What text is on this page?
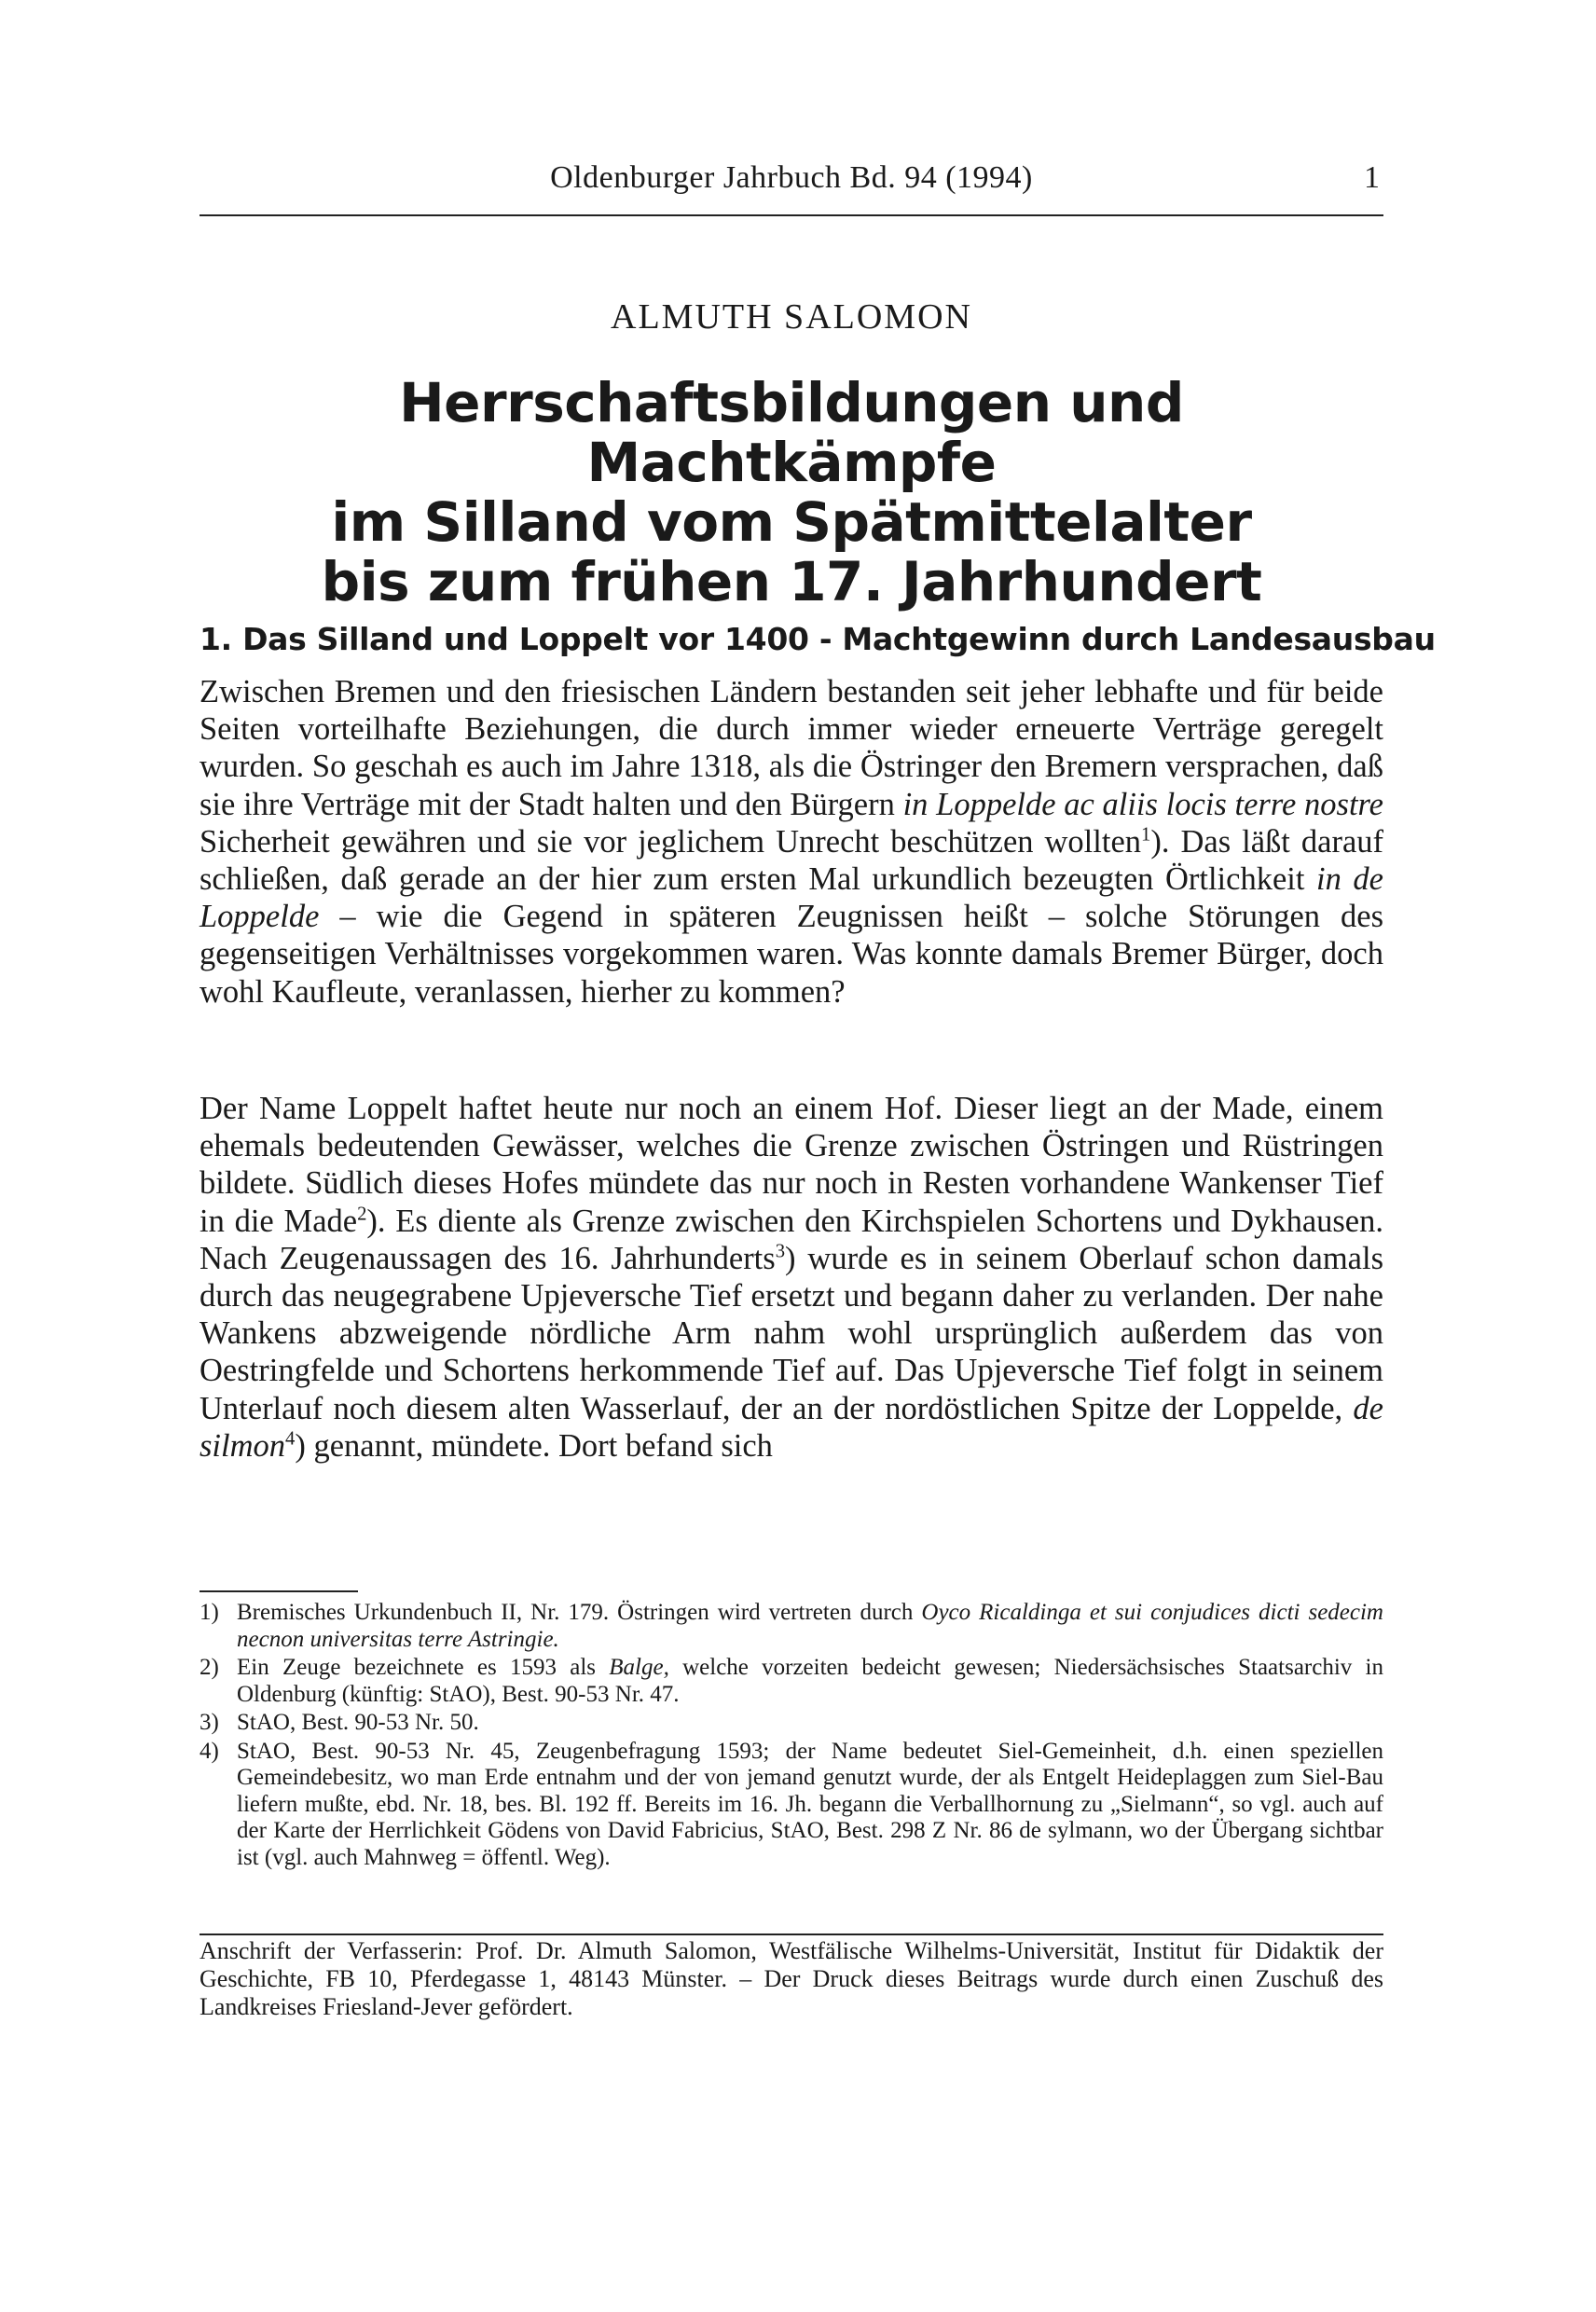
Oldenburger Jahrbuch Bd. 94 (1994)	1
ALMUTH SALOMON
Herrschaftsbildungen und Machtkämpfe
im Silland vom Spätmittelalter
bis zum frühen 17. Jahrhundert
1. Das Silland und Loppelt vor 1400 - Machtgewinn durch Landesausbau

Zwischen Bremen und den friesischen Ländern bestanden seit jeher lebhafte und für beide Seiten vorteilhafte Beziehungen, die durch immer wieder erneuerte Verträge geregelt wurden. So geschah es auch im Jahre 1318, als die Östringer den Bremern versprachen, daß sie ihre Verträge mit der Stadt halten und den Bürgern in Loppelde ac aliis locis terre nostre Sicherheit gewähren und sie vor jeglichem Unrecht beschützen wollten$^1$). Das läßt darauf schließen, daß gerade an der hier zum ersten Mal urkundlich bezeugten Örtlichkeit in de Loppelde – wie die Gegend in späteren Zeugnissen heißt – solche Störungen des gegenseitigen Verhältnisses vorgekommen waren. Was konnte damals Bremer Bürger, doch wohl Kaufleute, veranlassen, hierher zu kommen?

Der Name Loppelt haftet heute nur noch an einem Hof. Dieser liegt an der Made, einem ehemals bedeutenden Gewässer, welches die Grenze zwischen Östringen und Rüstringen bildete. Südlich dieses Hofes mündete das nur noch in Resten vorhandene Wankenser Tief in die Made$^2$). Es diente als Grenze zwischen den Kirchspielen Schortens und Dykhausen. Nach Zeugenaussagen des 16. Jahrhunderts$^3$) wurde es in seinem Oberlauf schon damals durch das neugegrabene Upjeversche Tief ersetzt und begann daher zu verlanden. Der nahe Wankens abzweigende nördliche Arm nahm wohl ursprünglich außerdem das von Oestringfelde und Schortens herkommende Tief auf. Das Upjeversche Tief folgt in seinem Unterlauf noch diesem alten Wasserlauf, der an der nordöstlichen Spitze der Loppelde, de silmon$^4$) genannt, mündete. Dort befand sich

1) Bremisches Urkundenbuch II, Nr. 179. Östringen wird vertreten durch Oyco Ricaldinga et sui conjudices dicti sedecim necnon universitas terre Astringie.
2) Ein Zeuge bezeichnete es 1593 als Balge, welche vorzeiten bedeicht gewesen; Niedersächsisches Staatsarchiv in Oldenburg (künftig: StAO), Best. 90-53 Nr. 47.
3) StAO, Best. 90-53 Nr. 50.
4) StAO, Best. 90-53 Nr. 45, Zeugenbefragung 1593; der Name bedeutet Siel-Gemeinheit, d.h. einen speziellen Gemeindebesitz, wo man Erde entnahm und der von jemand genutzt wurde, der als Entgelt Heideplaggen zum Siel-Bau liefern mußte, ebd. Nr. 18, bes. Bl. 192 ff. Bereits im 16. Jh. begann die Verballhornung zu „Sielmann“, so vgl. auch auf der Karte der Herrlichkeit Gödens von David Fabricius, StAO, Best. 298 Z Nr. 86 de sylmann, wo der Übergang sichtbar ist (vgl. auch Mahnweg = öffentl. Weg).
Anschrift der Verfasserin: Prof. Dr. Almuth Salomon, Westfälische Wilhelms-Universität, Institut für Didaktik der Geschichte, FB 10, Pferdegasse 1, 48143 Münster. – Der Druck dieses Beitrags wurde durch einen Zuschuß des Landkreises Friesland-Jever gefördert.
